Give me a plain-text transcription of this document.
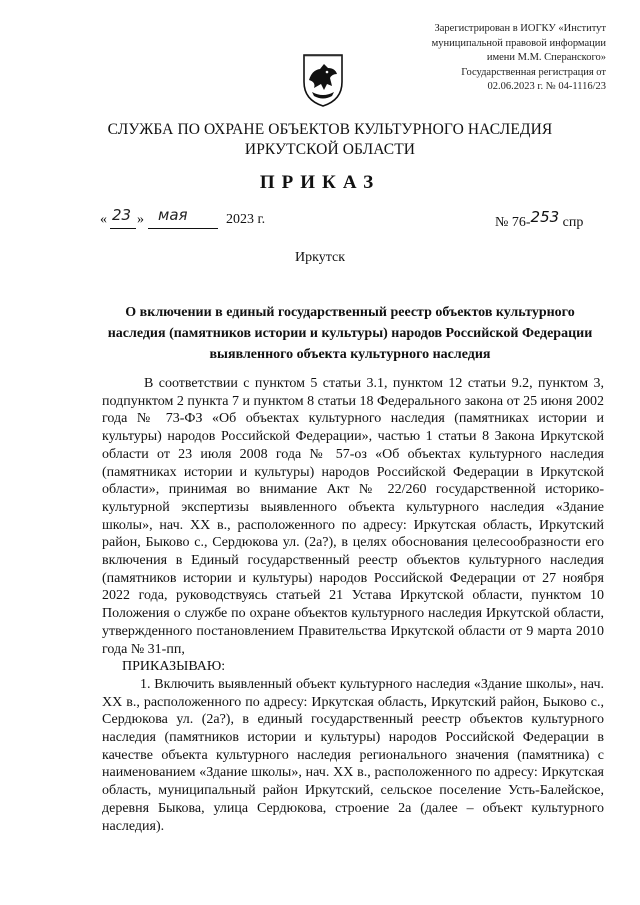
Зарегистрирован в ИОГКУ «Институт
муниципальной правовой информации
имени М.М. Сперанского»
Государственная регистрация от
02.06.2023 г. № 04-1116/23
СЛУЖБА ПО ОХРАНЕ ОБЪЕКТОВ КУЛЬТУРНОГО НАСЛЕДИЯ
ИРКУТСКОЙ ОБЛАСТИ
ПРИКАЗ
« 23 » мая	2023 г.	№ 76-253 спр
Иркутск
О включении в единый государственный реестр объектов культурного наследия (памятников истории и культуры) народов Российской Федерации выявленного объекта культурного наследия

В соответствии с пунктом 5 статьи 3.1, пунктом 12 статьи 9.2, пунктом 3, подпунктом 2 пункта 7 и пунктом 8 статьи 18 Федерального закона от 25 июня 2002 года № 73-ФЗ «Об объектах культурного наследия (памятниках истории и культуры) народов Российской Федерации», частью 1 статьи 8 Закона Иркутской области от 23 июля 2008 года № 57-оз «Об объектах культурного наследия (памятниках истории и культуры) народов Российской Федерации в Иркутской области», принимая во внимание Акт № 22/260 государственной историко-культурной экспертизы выявленного объекта культурного наследия «Здание школы», нач. XX в., расположенного по адресу: Иркутская область, Иркутский район, Быково с., Сердюкова ул. (2а?), в целях обоснования целесообразности его включения в Единый государственный реестр объектов культурного наследия (памятников истории и культуры) народов Российской Федерации от 27 ноября 2022 года, руководствуясь статьей 21 Устава Иркутской области, пунктом 10 Положения о службе по охране объектов культурного наследия Иркутской области, утвержденного постановлением Правительства Иркутской области от 9 марта 2010 года № 31-пп,

ПРИКАЗЫВАЮ:

1. Включить выявленный объект культурного наследия «Здание школы», нач. XX в., расположенного по адресу: Иркутская область, Иркутский район, Быково с., Сердюкова ул. (2а?), в единый государственный реестр объектов культурного наследия (памятников истории и культуры) народов Российской Федерации в качестве объекта культурного наследия регионального значения (памятника) с наименованием «Здание школы», нач. XX в., расположенного по адресу: Иркутская область, муниципальный район Иркутский, сельское поселение Усть-Балейское, деревня Быкова, улица Сердюкова, строение 2а (далее – объект культурного наследия).
